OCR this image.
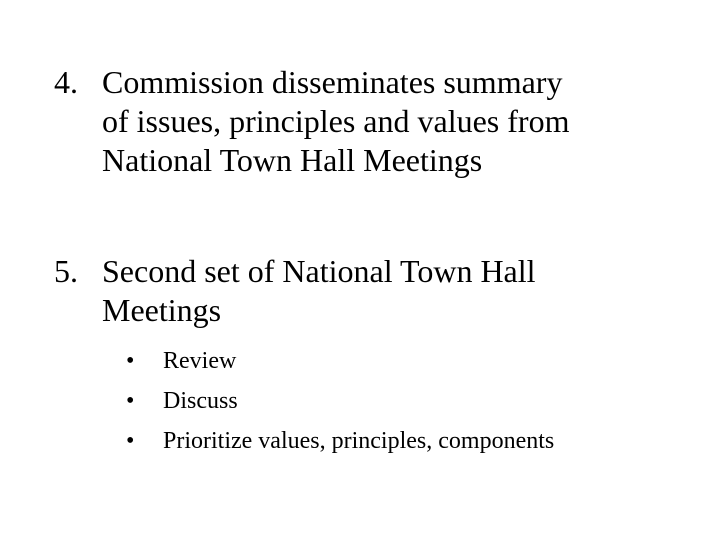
4. Commission disseminates summary
of issues, principles and values from
National Town Hall Meetings
5. Second set of National Town Hall
Meetings
• Review
• Discuss
• Prioritize values, principles, components
